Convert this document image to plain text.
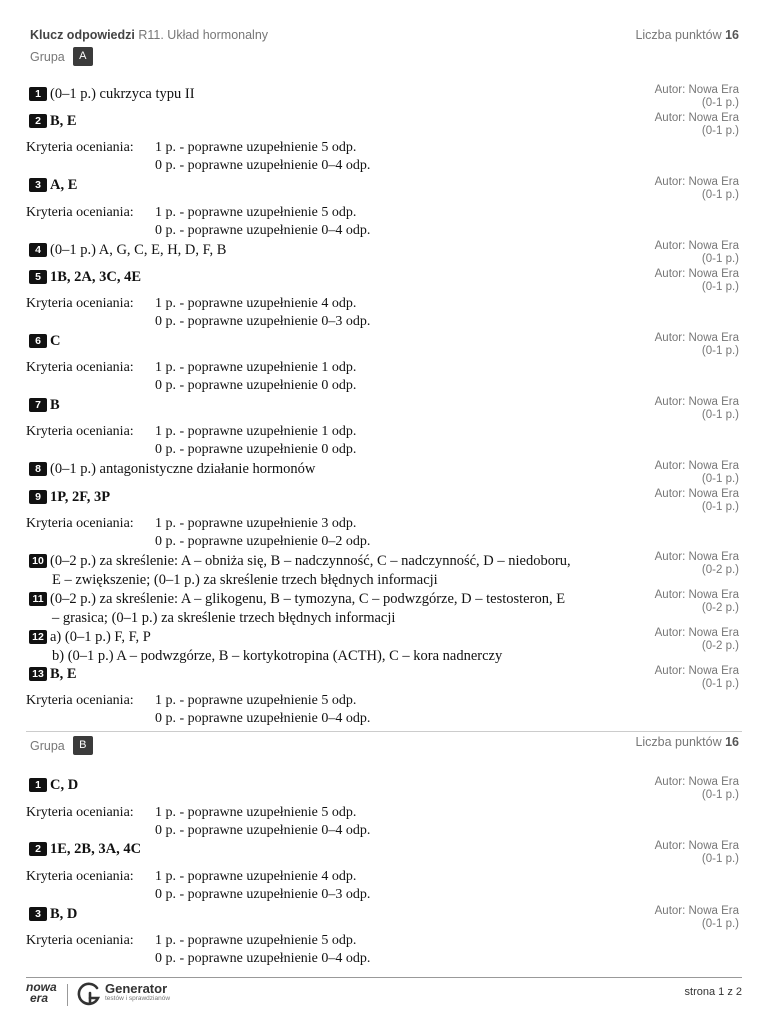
Klucz odpowiedzi R11. Układ hormonalny	Liczba punktów 16
Grupa	A
1 (0–1 p.) cukrzyca typu II	Autor: Nowa Era
(0-1 p.)
2 B, E	Autor: Nowa Era
(0-1 p.)
Kryteria oceniania: 1 p. - poprawne uzupełnienie 5 odp.
0 p. - poprawne uzupełnienie 0–4 odp.
3 A, E	Autor: Nowa Era
(0-1 p.)
Kryteria oceniania: 1 p. - poprawne uzupełnienie 5 odp.
0 p. - poprawne uzupełnienie 0–4 odp.
4 (0–1 p.) A, G, C, E, H, D, F, B	Autor: Nowa Era
(0-1 p.)
5 1B, 2A, 3C, 4E	Autor: Nowa Era
(0-1 p.)
Kryteria oceniania: 1 p. - poprawne uzupełnienie 4 odp.
0 p. - poprawne uzupełnienie 0–3 odp.
6 C	Autor: Nowa Era
(0-1 p.)
Kryteria oceniania: 1 p. - poprawne uzupełnienie 1 odp.
0 p. - poprawne uzupełnienie 0 odp.
7 B	Autor: Nowa Era
(0-1 p.)
Kryteria oceniania: 1 p. - poprawne uzupełnienie 1 odp.
0 p. - poprawne uzupełnienie 0 odp.
8 (0–1 p.) antagonistyczne działanie hormonów	Autor: Nowa Era
(0-1 p.)
9 1P, 2F, 3P	Autor: Nowa Era
(0-1 p.)
Kryteria oceniania: 1 p. - poprawne uzupełnienie 3 odp.
0 p. - poprawne uzupełnienie 0–2 odp.
10 (0–2 p.) za skreślenie: A – obniża się, B – nadczynność, C – nadczynność, D – niedoboru,
E – zwiększenie; (0–1 p.) za skreślenie trzech błędnych informacji
Autor: Nowa Era
(0-2 p.)
11 (0–2 p.) za skreślenie: A – glikogenu, B – tymozyna, C – podwzgórze, D – testosteron, E
– grasica; (0–1 p.) za skreślenie trzech błędnych informacji
Autor: Nowa Era
(0-2 p.)
12 a) (0–1 p.) F, F, P
b) (0–1 p.) A – podwzgórze, B – kortykotropina (ACTH), C – kora nadnerczy
Autor: Nowa Era
(0-2 p.)
13 B, E	Autor: Nowa Era
(0-1 p.)
Kryteria oceniania: 1 p. - poprawne uzupełnienie 5 odp.
0 p. - poprawne uzupełnienie 0–4 odp.
Grupa	B	Liczba punktów 16
1 C, D	Autor: Nowa Era
(0-1 p.)
Kryteria oceniania: 1 p. - poprawne uzupełnienie 5 odp.
0 p. - poprawne uzupełnienie 0–4 odp.
2 1E, 2B, 3A, 4C	Autor: Nowa Era
(0-1 p.)
Kryteria oceniania: 1 p. - poprawne uzupełnienie 4 odp.
0 p. - poprawne uzupełnienie 0–3 odp.
3 B, D	Autor: Nowa Era
(0-1 p.)
Kryteria oceniania: 1 p. - poprawne uzupełnienie 5 odp.
0 p. - poprawne uzupełnienie 0–4 odp.
nowa
era
Generator
testów i sprawdzianów
strona 1 z 2
